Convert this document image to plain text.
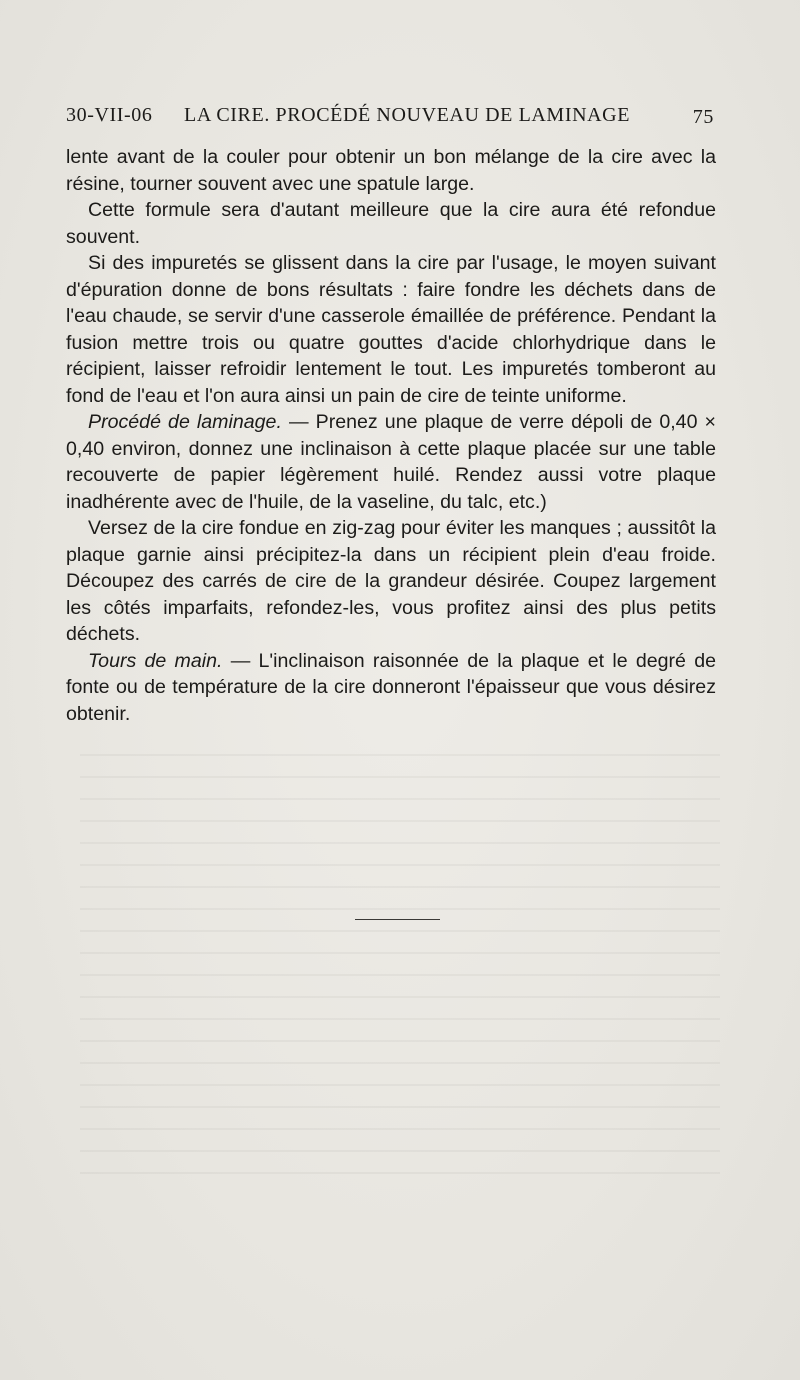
30-VII-06 LA CIRE. PROCÉDÉ NOUVEAU DE LAMINAGE	75

lente avant de la couler pour obtenir un bon mélange de la cire avec la résine, tourner souvent avec une spatule large.

Cette formule sera d'autant meilleure que la cire aura été refondue souvent.

Si des impuretés se glissent dans la cire par l'usage, le moyen suivant d'épuration donne de bons résultats : faire fondre les déchets dans de l'eau chaude, se servir d'une casserole émaillée de préférence. Pendant la fusion mettre trois ou quatre gouttes d'acide chlorhydrique dans le récipient, laisser refroidir lentement le tout. Les impuretés tomberont au fond de l'eau et l'on aura ainsi un pain de cire de teinte uniforme.

Procédé de laminage. — Prenez une plaque de verre dépoli de 0,40 × 0,40 environ, donnez une inclinaison à cette plaque placée sur une table recouverte de papier légèrement huilé. Rendez aussi votre plaque inadhérente avec de l'huile, de la vaseline, du talc, etc.)

Versez de la cire fondue en zig-zag pour éviter les manques ; aussitôt la plaque garnie ainsi précipitez-la dans un récipient plein d'eau froide. Découpez des carrés de cire de la grandeur désirée. Coupez largement les côtés imparfaits, refondez-les, vous profitez ainsi des plus petits déchets.

Tours de main. — L'inclinaison raisonnée de la plaque et le degré de fonte ou de température de la cire donneront l'épaisseur que vous désirez obtenir.
